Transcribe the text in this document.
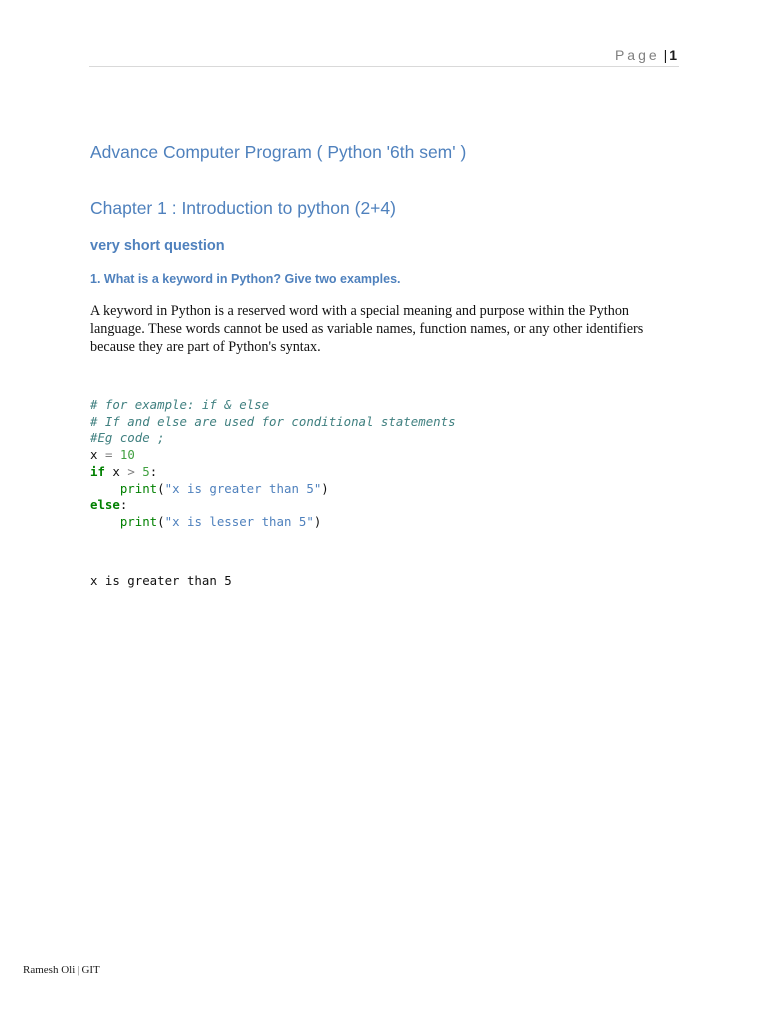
Page | 1
Advance Computer Program ( Python '6th sem' )
Chapter 1 : Introduction to python (2+4)
very short question
1. What is a keyword in Python? Give two examples.

A keyword in Python is a reserved word with a special meaning and purpose within the Python language. These words cannot be used as variable names, function names, or any other identifiers because they are part of Python's syntax.

# for example: if & else
# If and else are used for conditional statements
#Eg code ;
x = 10
if x > 5:
print("x is greater than 5")
else:
print("x is lesser than 5")
x is greater than 5
Ramesh Oli | GIT
